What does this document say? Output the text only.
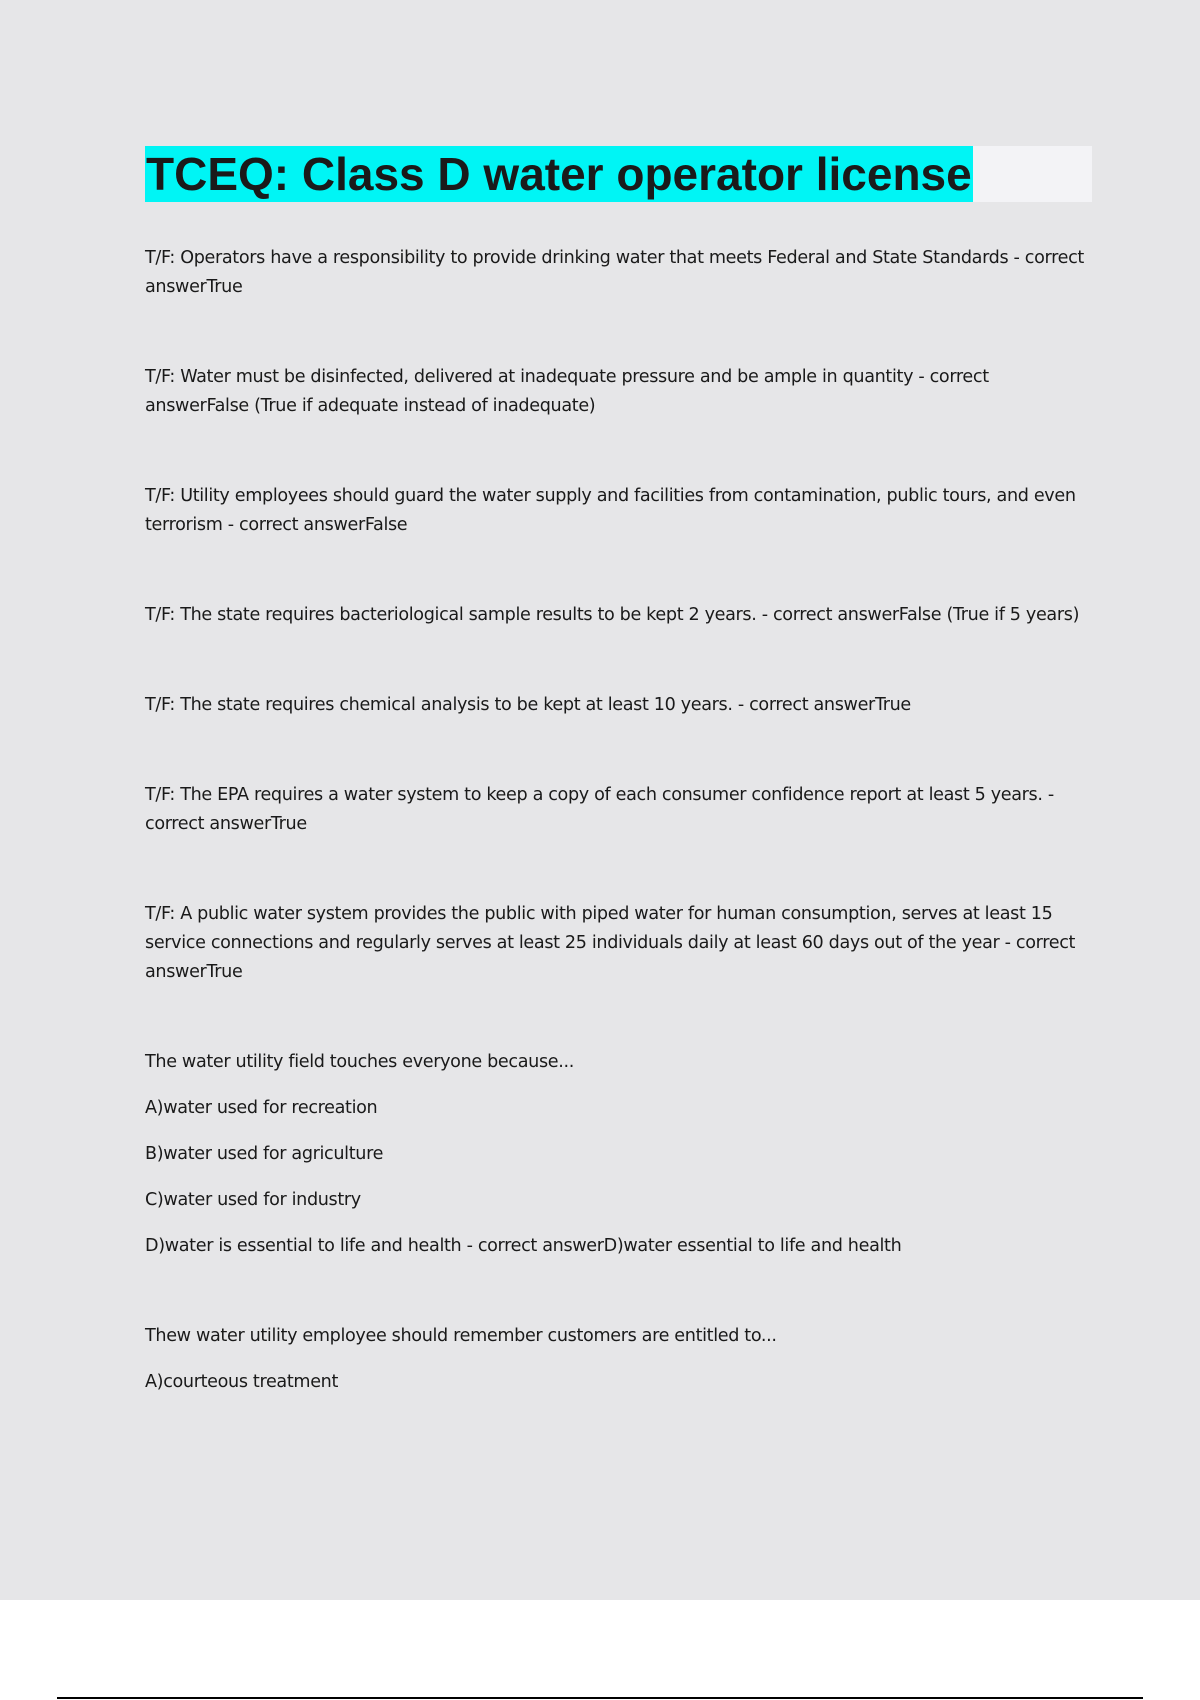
TCEQ: Class D water operator license

T/F: Operators have a responsibility to provide drinking water that meets Federal and State Standards - correct answerTrue

T/F: Water must be disinfected, delivered at inadequate pressure and be ample in quantity - correct answerFalse (True if adequate instead of inadequate)

T/F: Utility employees should guard the water supply and facilities from contamination, public tours, and even terrorism - correct answerFalse

T/F: The state requires bacteriological sample results to be kept 2 years. - correct answerFalse (True if 5 years)

T/F: The state requires chemical analysis to be kept at least 10 years. - correct answerTrue

T/F: The EPA requires a water system to keep a copy of each consumer confidence report at least 5 years. - correct answerTrue

T/F: A public water system provides the public with piped water for human consumption, serves at least 15 service connections and regularly serves at least 25 individuals daily at least 60 days out of the year - correct answerTrue

The water utility field touches everyone because...

A)water used for recreation

B)water used for agriculture

C)water used for industry

D)water is essential to life and health - correct answerD)water essential to life and health

Thew water utility employee should remember customers are entitled to...

A)courteous treatment
